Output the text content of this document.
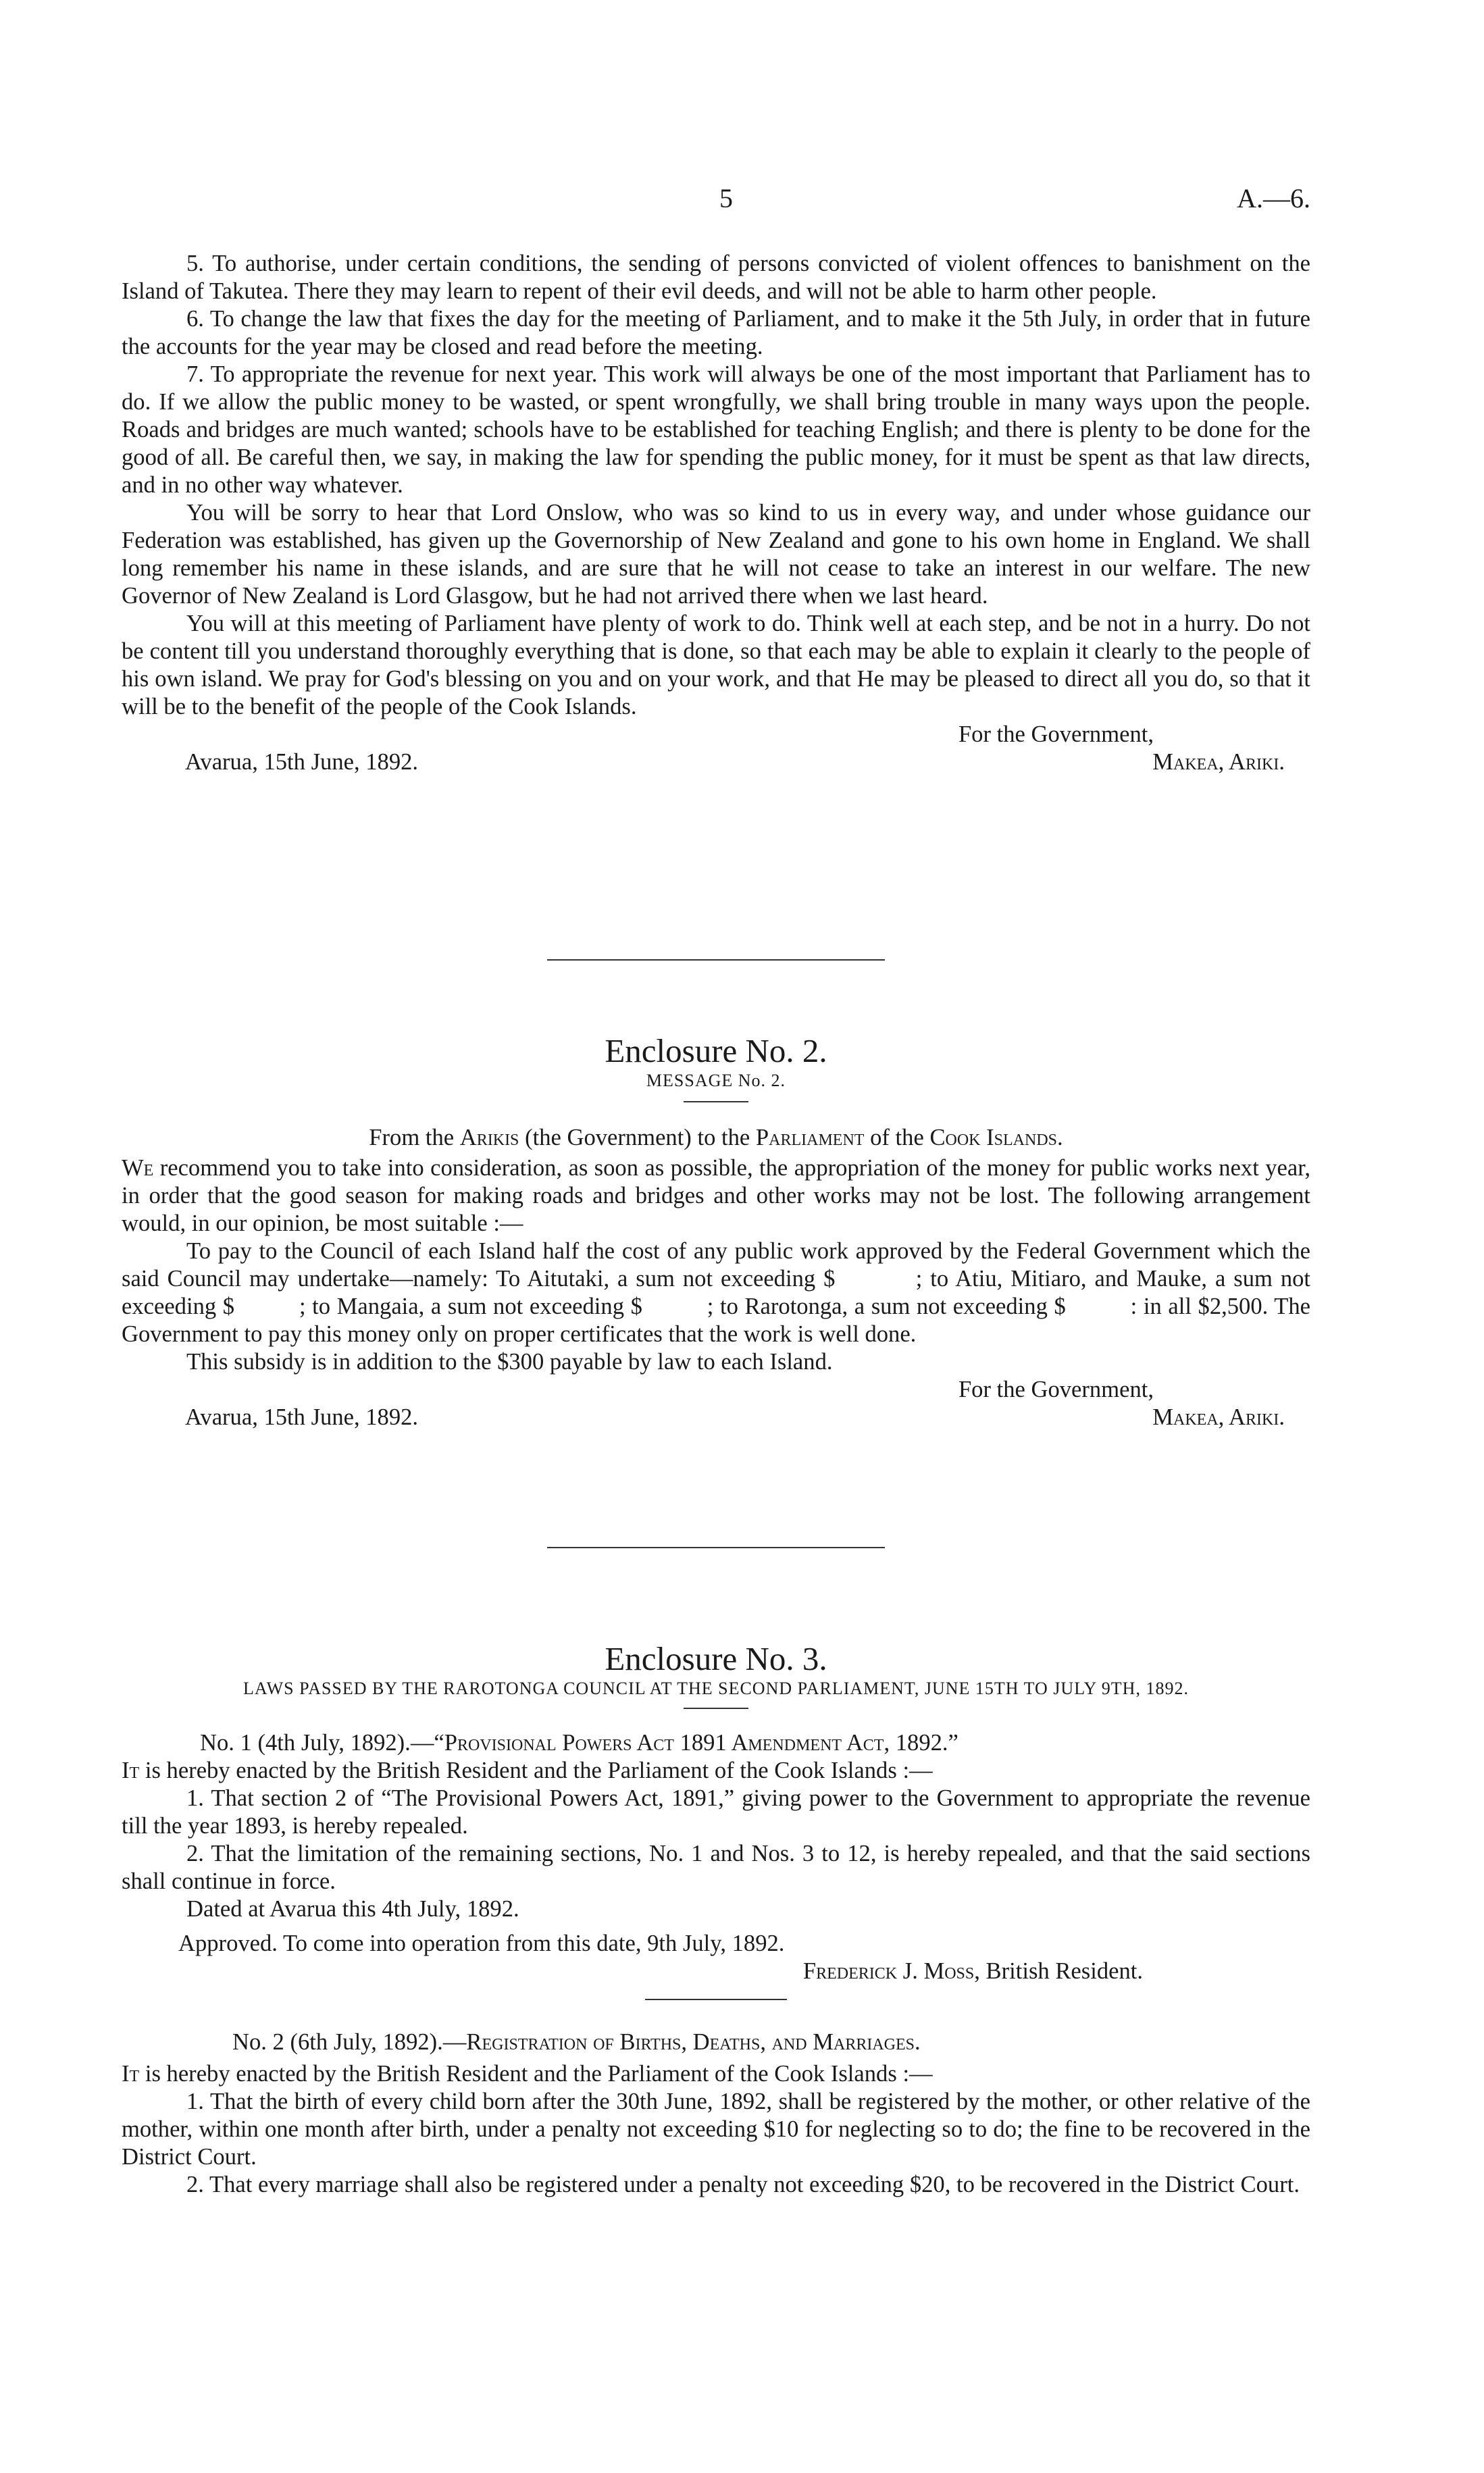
5	A.—6.

5. To authorise, under certain conditions, the sending of persons convicted of violent offences to banishment on the Island of Takutea. There they may learn to repent of their evil deeds, and will not be able to harm other people.

6. To change the law that fixes the day for the meeting of Parliament, and to make it the 5th July, in order that in future the accounts for the year may be closed and read before the meeting.

7. To appropriate the revenue for next year. This work will always be one of the most important that Parliament has to do. If we allow the public money to be wasted, or spent wrongfully, we shall bring trouble in many ways upon the people. Roads and bridges are much wanted; schools have to be established for teaching English; and there is plenty to be done for the good of all. Be careful then, we say, in making the law for spending the public money, for it must be spent as that law directs, and in no other way whatever.

You will be sorry to hear that Lord Onslow, who was so kind to us in every way, and under whose guidance our Federation was established, has given up the Governorship of New Zealand and gone to his own home in England. We shall long remember his name in these islands, and are sure that he will not cease to take an interest in our welfare. The new Governor of New Zealand is Lord Glasgow, but he had not arrived there when we last heard.

You will at this meeting of Parliament have plenty of work to do. Think well at each step, and be not in a hurry. Do not be content till you understand thoroughly everything that is done, so that each may be able to explain it clearly to the people of his own island. We pray for God's blessing on you and on your work, and that He may be pleased to direct all you do, so that it will be to the benefit of the people of the Cook Islands.

For the Government,
Avarua, 15th June, 1892.	Makea, Ariki.
Enclosure No. 2.
MESSAGE No. 2.
From the Arikis (the Government) to the Parliament of the Cook Islands.

We recommend you to take into consideration, as soon as possible, the appropriation of the money for public works next year, in order that the good season for making roads and bridges and other works may not be lost. The following arrangement would, in our opinion, be most suitable :—

To pay to the Council of each Island half the cost of any public work approved by the Federal Government which the said Council may undertake—namely: To Aitutaki, a sum not exceeding $          ; to Atiu, Mitiaro, and Mauke, a sum not exceeding $          ; to Mangaia, a sum not exceeding $          ; to Rarotonga, a sum not exceeding $          : in all $2,500. The Government to pay this money only on proper certificates that the work is well done.

This subsidy is in addition to the $300 payable by law to each Island.

For the Government,
Avarua, 15th June, 1892.	Makea, Ariki.
Enclosure No. 3.
LAWS PASSED BY THE RAROTONGA COUNCIL AT THE SECOND PARLIAMENT, JUNE 15TH TO JULY 9TH, 1892.
No. 1 (4th July, 1892).—“Provisional Powers Act 1891 Amendment Act, 1892.”

It is hereby enacted by the British Resident and the Parliament of the Cook Islands :—

1. That section 2 of “The Provisional Powers Act, 1891,” giving power to the Government to appropriate the revenue till the year 1893, is hereby repealed.

2. That the limitation of the remaining sections, No. 1 and Nos. 3 to 12, is hereby repealed, and that the said sections shall continue in force.

Dated at Avarua this 4th July, 1892.

Approved. To come into operation from this date, 9th July, 1892.

Frederick J. Moss, British Resident.
No. 2 (6th July, 1892).—Registration of Births, Deaths, and Marriages.

It is hereby enacted by the British Resident and the Parliament of the Cook Islands :—

1. That the birth of every child born after the 30th June, 1892, shall be registered by the mother, or other relative of the mother, within one month after birth, under a penalty not exceeding $10 for neglecting so to do; the fine to be recovered in the District Court.

2. That every marriage shall also be registered under a penalty not exceeding $20, to be recovered in the District Court.
